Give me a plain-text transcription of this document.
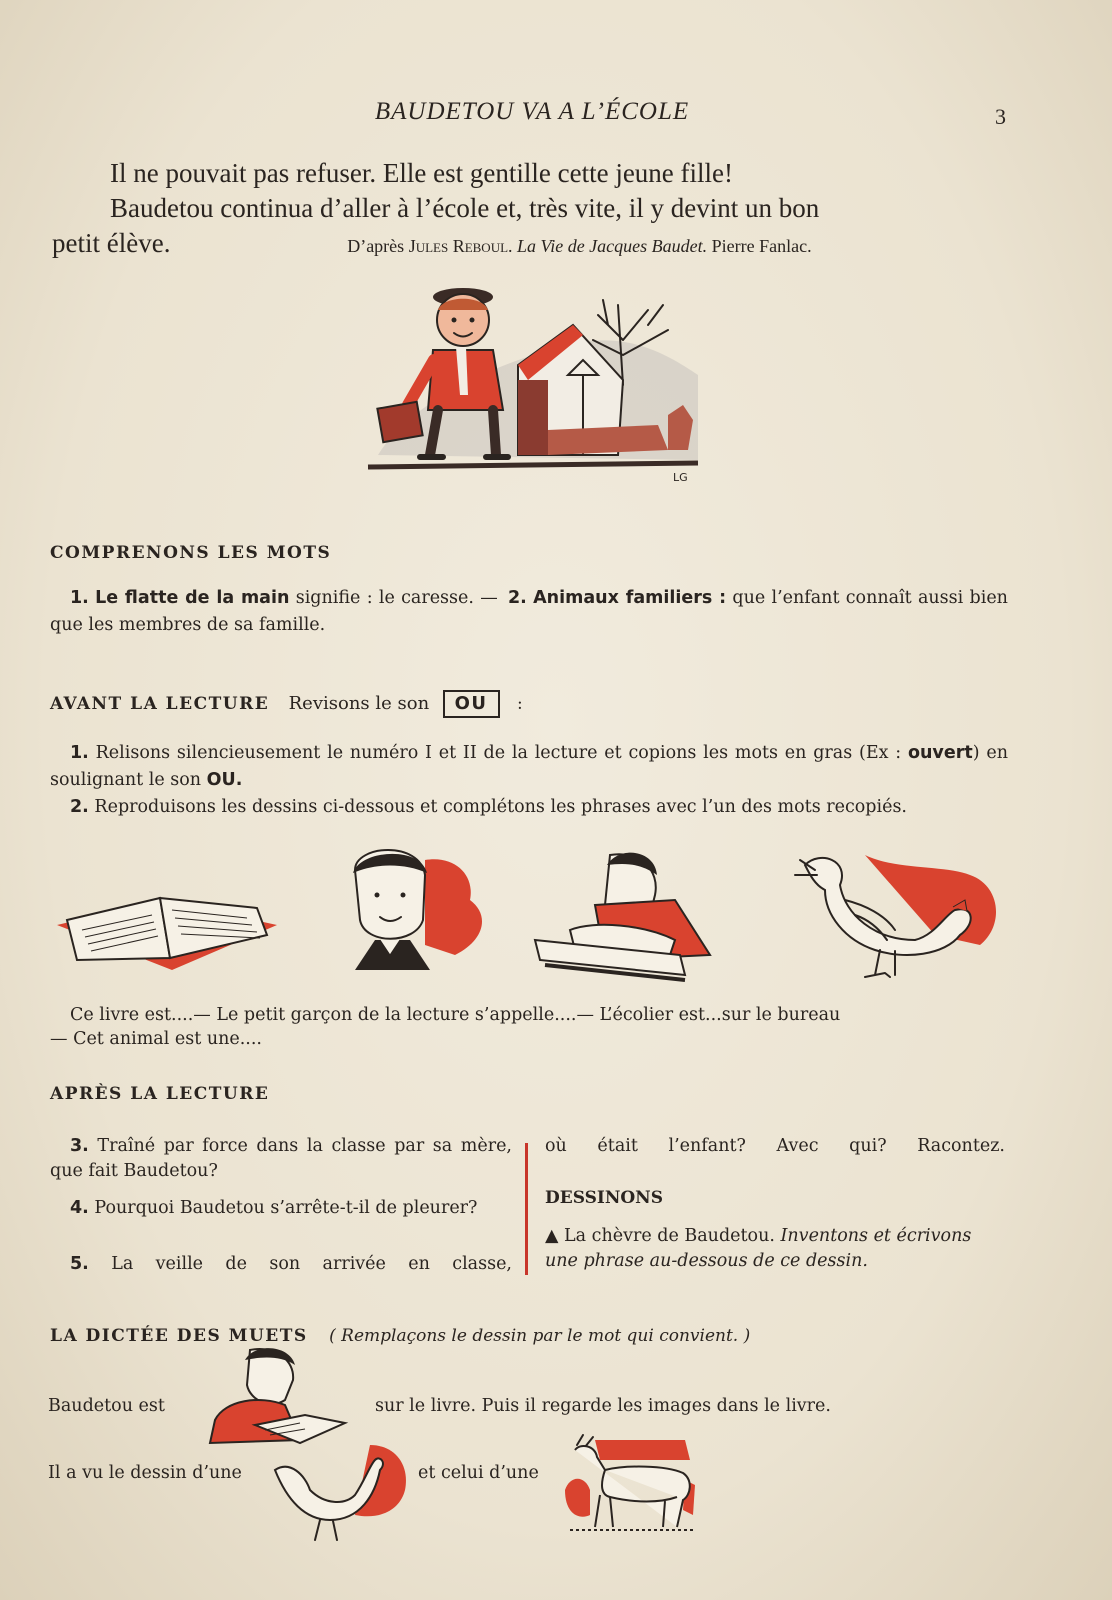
BAUDETOU VA A L’ÉCOLE	3

Il ne pouvait pas refuser. Elle est gentille cette jeune fille!

Baudetou continua d’aller à l’école et, très vite, il y devint un bon

petit élève.	D’après Jules Reboul. La Vie de Jacques Baudet. Pierre Fanlac.
LG
COMPRENONS LES MOTS
1. Le flatte de la main signifie : le caresse. — 2. Animaux familiers : que l’enfant connaît aussi bien que les membres de sa famille.
AVANT LA LECTURE Revisons le son OU :
1. Relisons silencieusement le numéro I et II de la lecture et copions les mots en gras (Ex : ouvert) en soulignant le son OU.
2. Reproduisons les dessins ci-dessous et complétons les phrases avec l’un des mots recopiés.
Ce livre est....— Le petit garçon de la lecture s’appelle....— L’écolier est...sur le bureau
— Cet animal est une....
APRÈS LA LECTURE
3. Traîné par force dans la classe par sa mère, que fait Baudetou?
4. Pourquoi Baudetou s’arrête-t-il de pleurer?
5. La veille de son arrivée en classe,
où était l’enfant? Avec qui? Racontez.
DESSINONS
▲ La chèvre de Baudetou. Inventons et écrivons une phrase au-dessous de ce dessin.
LA DICTÉE DES MUETS ( Remplaçons le dessin par le mot qui convient. )
Baudetou est	sur le livre. Puis il regarde les images dans le livre.
Il a vu le dessin d’une	et celui d’une
